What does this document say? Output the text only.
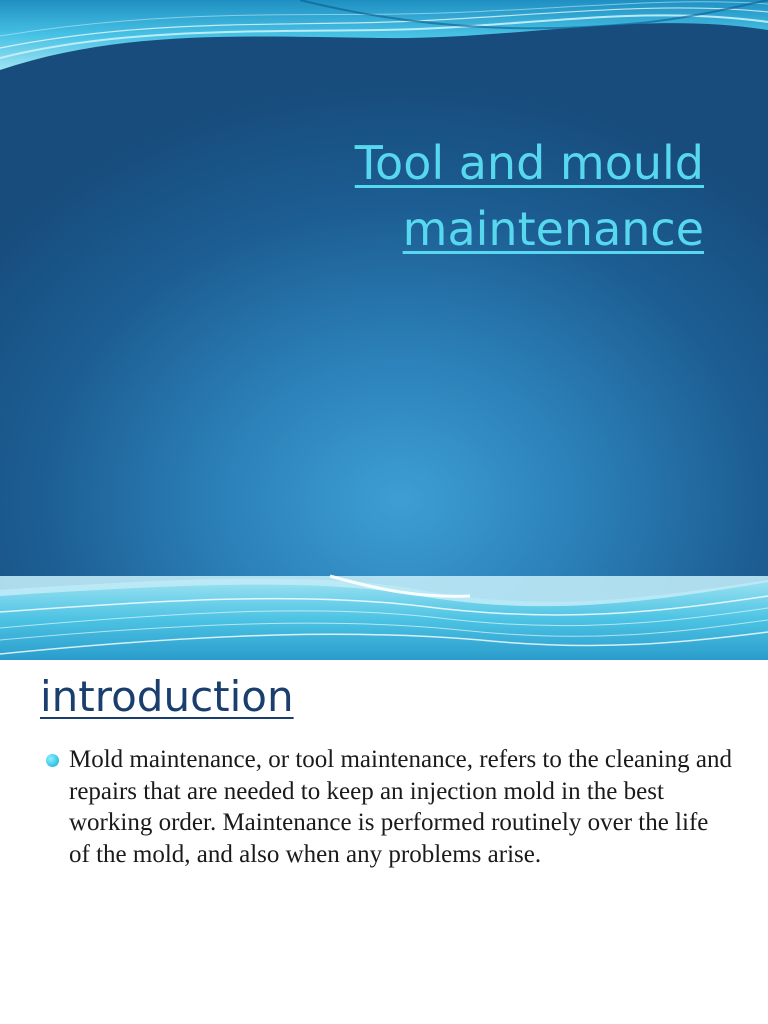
Tool and mould maintenance
introduction
Mold maintenance, or tool maintenance, refers to the cleaning and repairs that are needed to keep an injection mold in the best working order. Maintenance is performed routinely over the life of the mold, and also when any problems arise.
